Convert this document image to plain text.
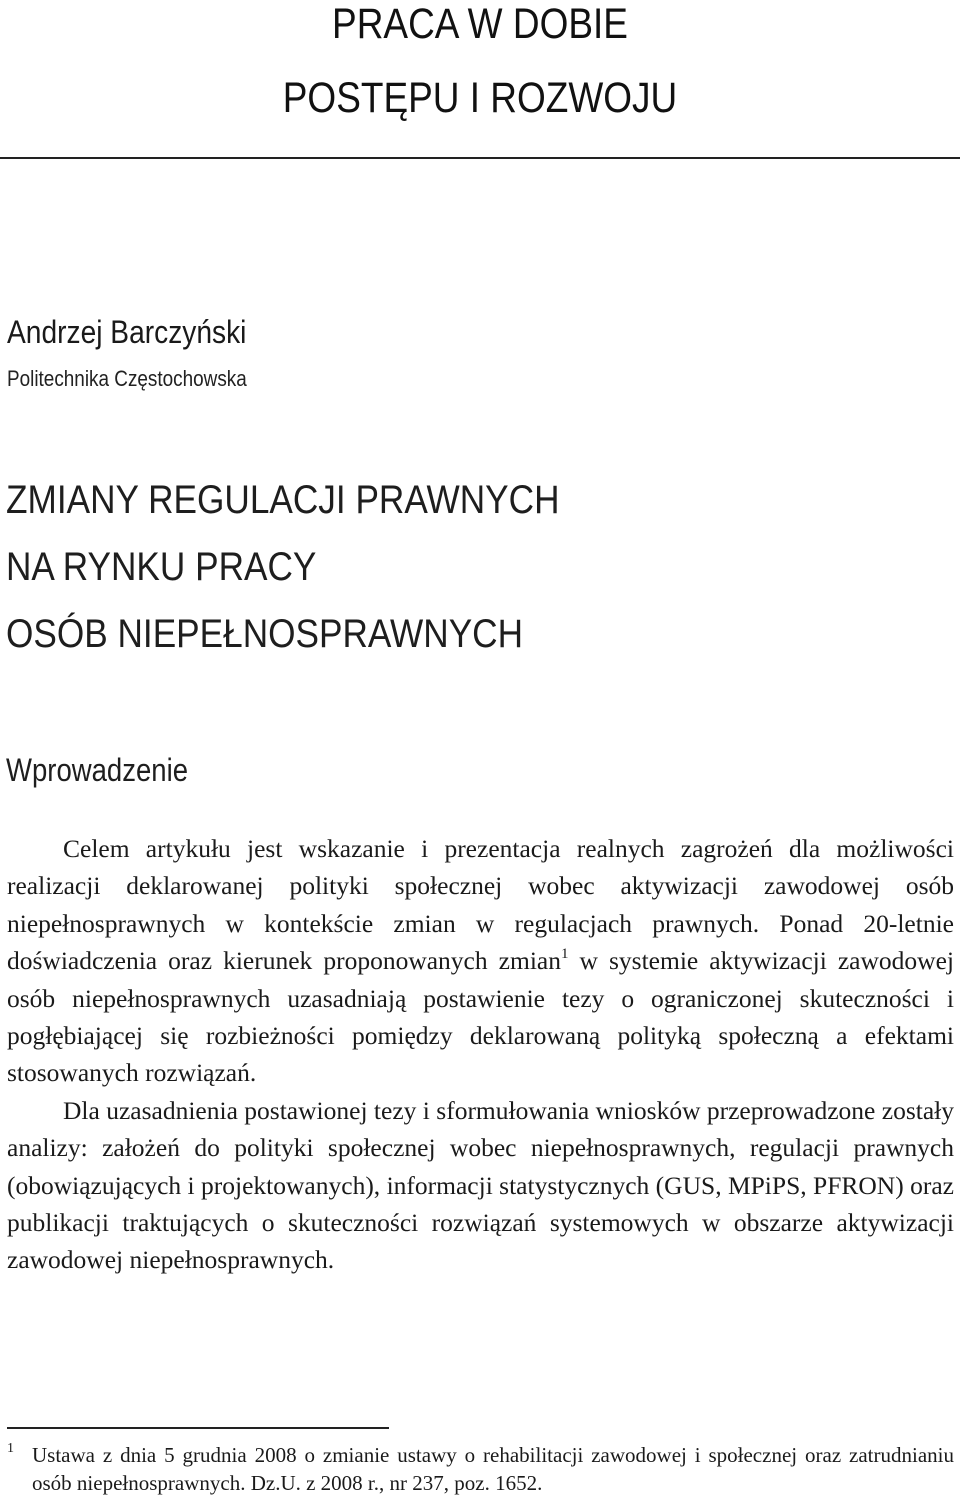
PRACA W DOBIE
POSTĘPU I ROZWOJU
Andrzej Barczyński
Politechnika Częstochowska
ZMIANY REGULACJI PRAWNYCH
NA RYNKU PRACY
OSÓB NIEPEŁNOSPRAWNYCH
Wprowadzenie

Celem artykułu jest wskazanie i prezentacja realnych zagrożeń dla możliwości realizacji deklarowanej polityki społecznej wobec aktywizacji zawodowej osób niepełnosprawnych w kontekście zmian w regulacjach prawnych. Ponad 20-letnie doświadczenia oraz kierunek proponowanych zmian$^1$ w systemie aktywizacji zawodowej osób niepełnosprawnych uzasadniają postawienie tezy o ograniczonej skuteczności i pogłębiającej się rozbieżności pomiędzy deklarowaną polityką społeczną a efektami stosowanych rozwiązań.

Dla uzasadnienia postawionej tezy i sformułowania wniosków przeprowadzone zostały analizy: założeń do polityki społecznej wobec niepełnosprawnych, regulacji prawnych (obowiązujących i projektowanych), informacji statystycznych (GUS, MPiPS, PFRON) oraz publikacji traktujących o skuteczności rozwiązań systemowych w obszarze aktywizacji zawodowej niepełnosprawnych.

1 Ustawa z dnia 5 grudnia 2008 o zmianie ustawy o rehabilitacji zawodowej i społecznej oraz zatrudnianiu osób niepełnosprawnych. Dz.U. z 2008 r., nr 237, poz. 1652.
